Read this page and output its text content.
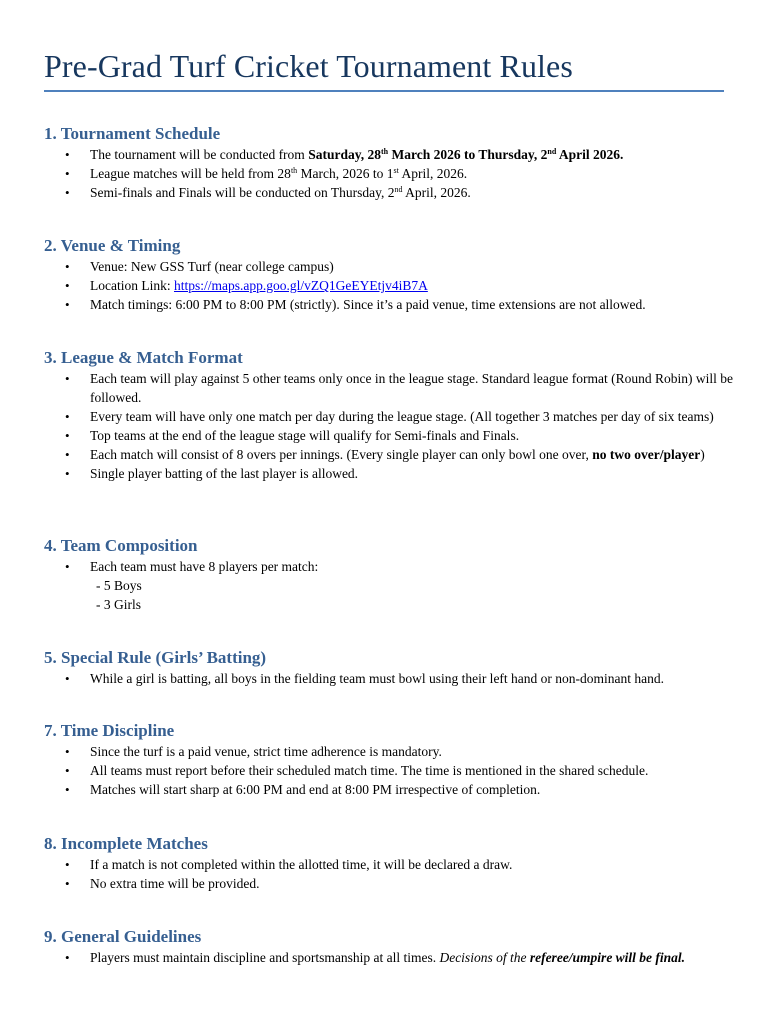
Pre-Grad Turf Cricket Tournament Rules
1. Tournament Schedule
• The tournament will be conducted from Saturday, 28th March 2026 to Thursday, 2nd April 2026.
• League matches will be held from 28th March, 2026 to 1st April, 2026.
• Semi-finals and Finals will be conducted on Thursday, 2nd April, 2026.
2. Venue & Timing
• Venue: New GSS Turf (near college campus)
• Location Link: https://maps.app.goo.gl/vZQ1GeEYEtjv4iB7A
• Match timings: 6:00 PM to 8:00 PM (strictly). Since it’s a paid venue, time extensions are not allowed.
3. League & Match Format
• Each team will play against 5 other teams only once in the league stage. Standard league format (Round Robin) will be followed.
• Every team will have only one match per day during the league stage. (All together 3 matches per day of six teams)
• Top teams at the end of the league stage will qualify for Semi-finals and Finals.
• Each match will consist of 8 overs per innings. (Every single player can only bowl one over, no two over/player)
• Single player batting of the last player is allowed.
4. Team Composition
• Each team must have 8 players per match:
- 5 Boys
- 3 Girls
5. Special Rule (Girls’ Batting)
• While a girl is batting, all boys in the fielding team must bowl using their left hand or non-dominant hand.
7. Time Discipline
• Since the turf is a paid venue, strict time adherence is mandatory.
• All teams must report before their scheduled match time. The time is mentioned in the shared schedule.
• Matches will start sharp at 6:00 PM and end at 8:00 PM irrespective of completion.
8. Incomplete Matches
• If a match is not completed within the allotted time, it will be declared a draw.
• No extra time will be provided.
9. General Guidelines
• Players must maintain discipline and sportsmanship at all times. Decisions of the referee/umpire will be final.
